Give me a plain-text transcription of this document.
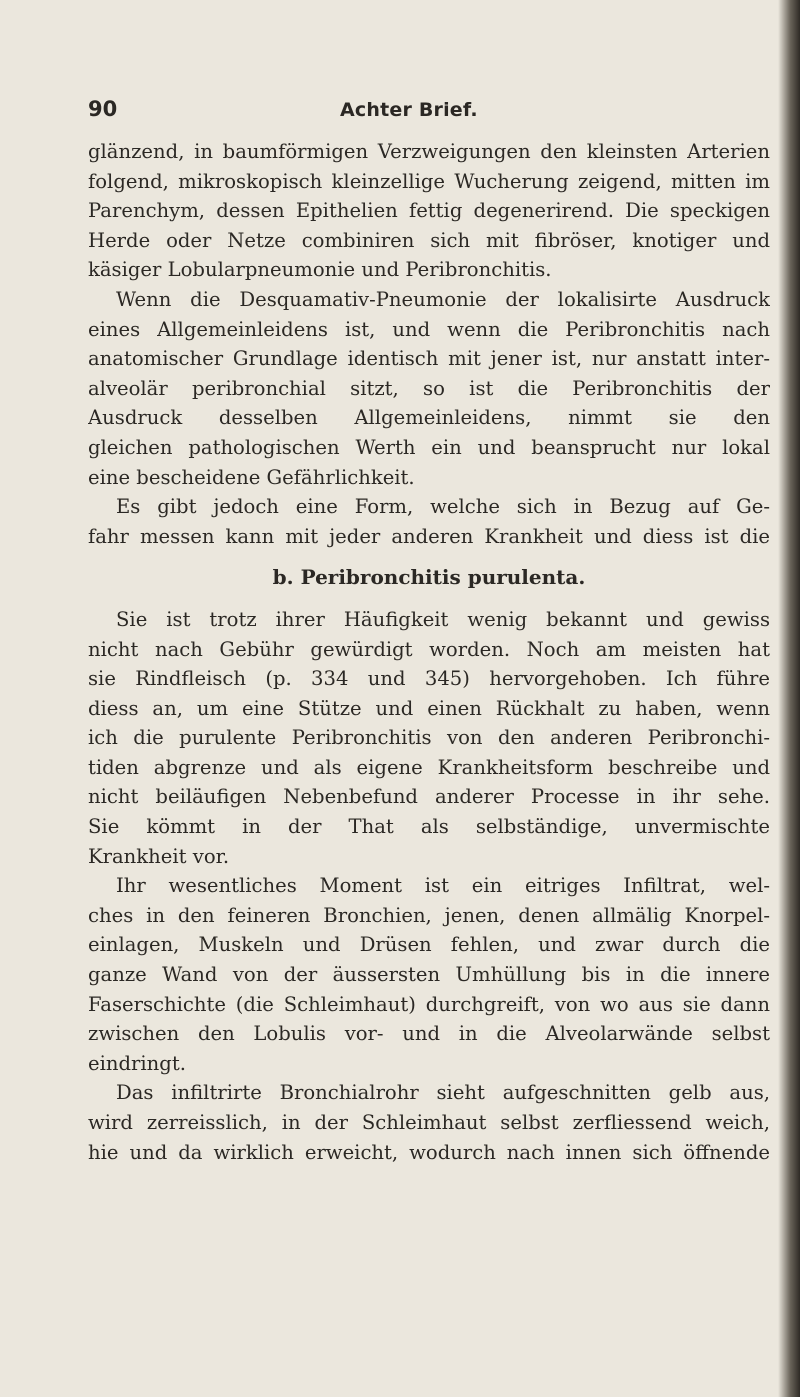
90	Achter Brief.
glänzend, in baumförmigen Verzweigungen den kleinsten Arterien
folgend, mikroskopisch kleinzellige Wucherung zeigend, mitten im
Parenchym, dessen Epithelien fettig degenerirend. Die speckigen
Herde oder Netze combiniren sich mit fibröser, knotiger und
käsiger Lobularpneumonie und Peribronchitis.
Wenn die Desquamativ-Pneumonie der lokalisirte Ausdruck
eines Allgemeinleidens ist, und wenn die Peribronchitis nach
anatomischer Grundlage identisch mit jener ist, nur anstatt inter-
alveolär peribronchial sitzt, so ist die Peribronchitis der
Ausdruck desselben Allgemeinleidens, nimmt sie den
gleichen pathologischen Werth ein und beansprucht nur lokal
eine bescheidene Gefährlichkeit.
Es gibt jedoch eine Form, welche sich in Bezug auf Ge-
fahr messen kann mit jeder anderen Krankheit und diess ist die
b. Peribronchitis purulenta.
Sie ist trotz ihrer Häufigkeit wenig bekannt und gewiss
nicht nach Gebühr gewürdigt worden. Noch am meisten hat
sie Rindfleisch (p. 334 und 345) hervorgehoben. Ich führe
diess an, um eine Stütze und einen Rückhalt zu haben, wenn
ich die purulente Peribronchitis von den anderen Peribronchi-
tiden abgrenze und als eigene Krankheitsform beschreibe und
nicht beiläufigen Nebenbefund anderer Processe in ihr sehe.
Sie kömmt in der That als selbständige, unvermischte
Krankheit vor.
Ihr wesentliches Moment ist ein eitriges Infiltrat, wel-
ches in den feineren Bronchien, jenen, denen allmälig Knorpel-
einlagen, Muskeln und Drüsen fehlen, und zwar durch die
ganze Wand von der äussersten Umhüllung bis in die innere
Faserschichte (die Schleimhaut) durchgreift, von wo aus sie dann
zwischen den Lobulis vor- und in die Alveolarwände selbst
eindringt.
Das infiltrirte Bronchialrohr sieht aufgeschnitten gelb aus,
wird zerreisslich, in der Schleimhaut selbst zerfliessend weich,
hie und da wirklich erweicht, wodurch nach innen sich öffnende
